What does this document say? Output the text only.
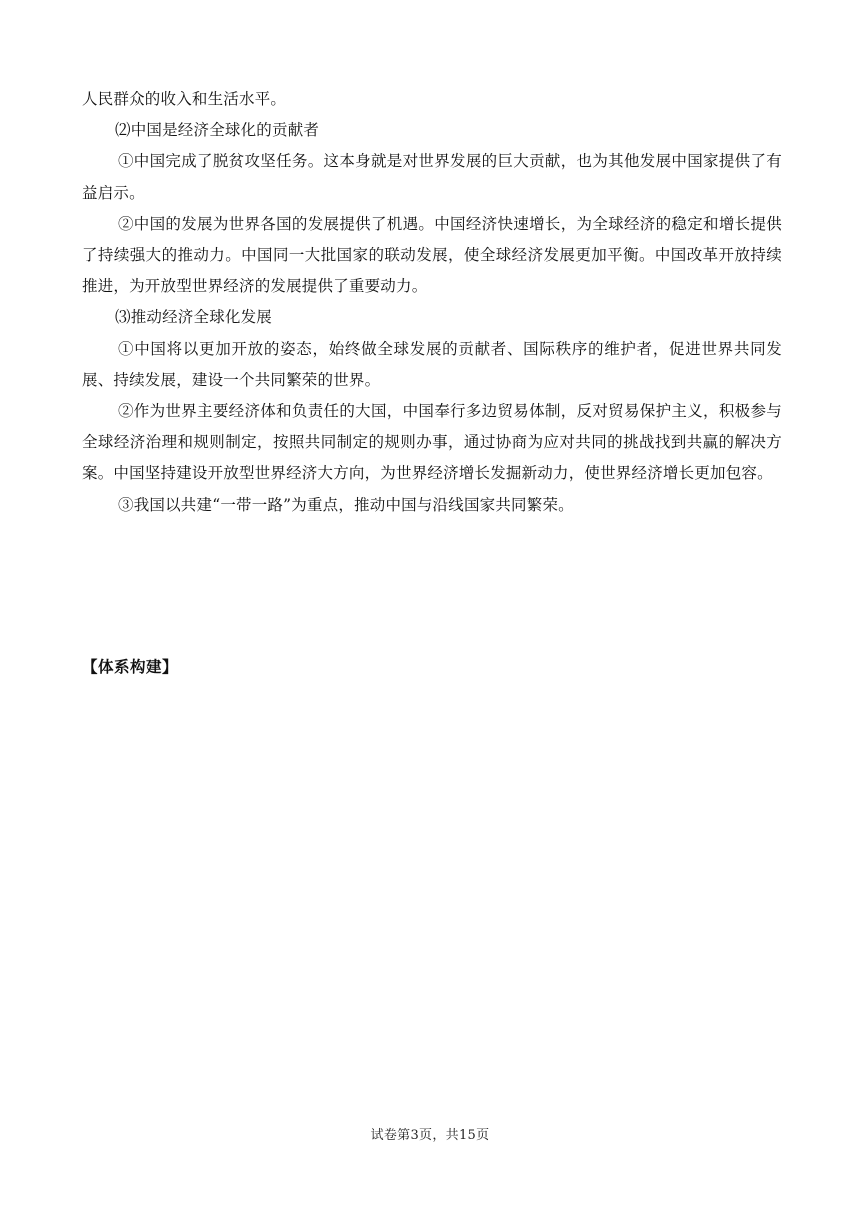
人民群众的收入和生活水平。

⑵中国是经济全球化的贡献者

①中国完成了脱贫攻坚任务。这本身就是对世界发展的巨大贡献，也为其他发展中国家提供了有益启示。

②中国的发展为世界各国的发展提供了机遇。中国经济快速增长，为全球经济的稳定和增长提供了持续强大的推动力。中国同一大批国家的联动发展，使全球经济发展更加平衡。中国改革开放持续推进，为开放型世界经济的发展提供了重要动力。

⑶推动经济全球化发展

①中国将以更加开放的姿态，始终做全球发展的贡献者、国际秩序的维护者，促进世界共同发展、持续发展，建设一个共同繁荣的世界。

②作为世界主要经济体和负责任的大国，中国奉行多边贸易体制，反对贸易保护主义，积极参与全球经济治理和规则制定，按照共同制定的规则办事，通过协商为应对共同的挑战找到共赢的解决方案。中国坚持建设开放型世界经济大方向，为世界经济增长发掘新动力，使世界经济增长更加包容。

③我国以共建“一带一路”为重点，推动中国与沿线国家共同繁荣。

【体系构建】

试卷第3页，共15页
